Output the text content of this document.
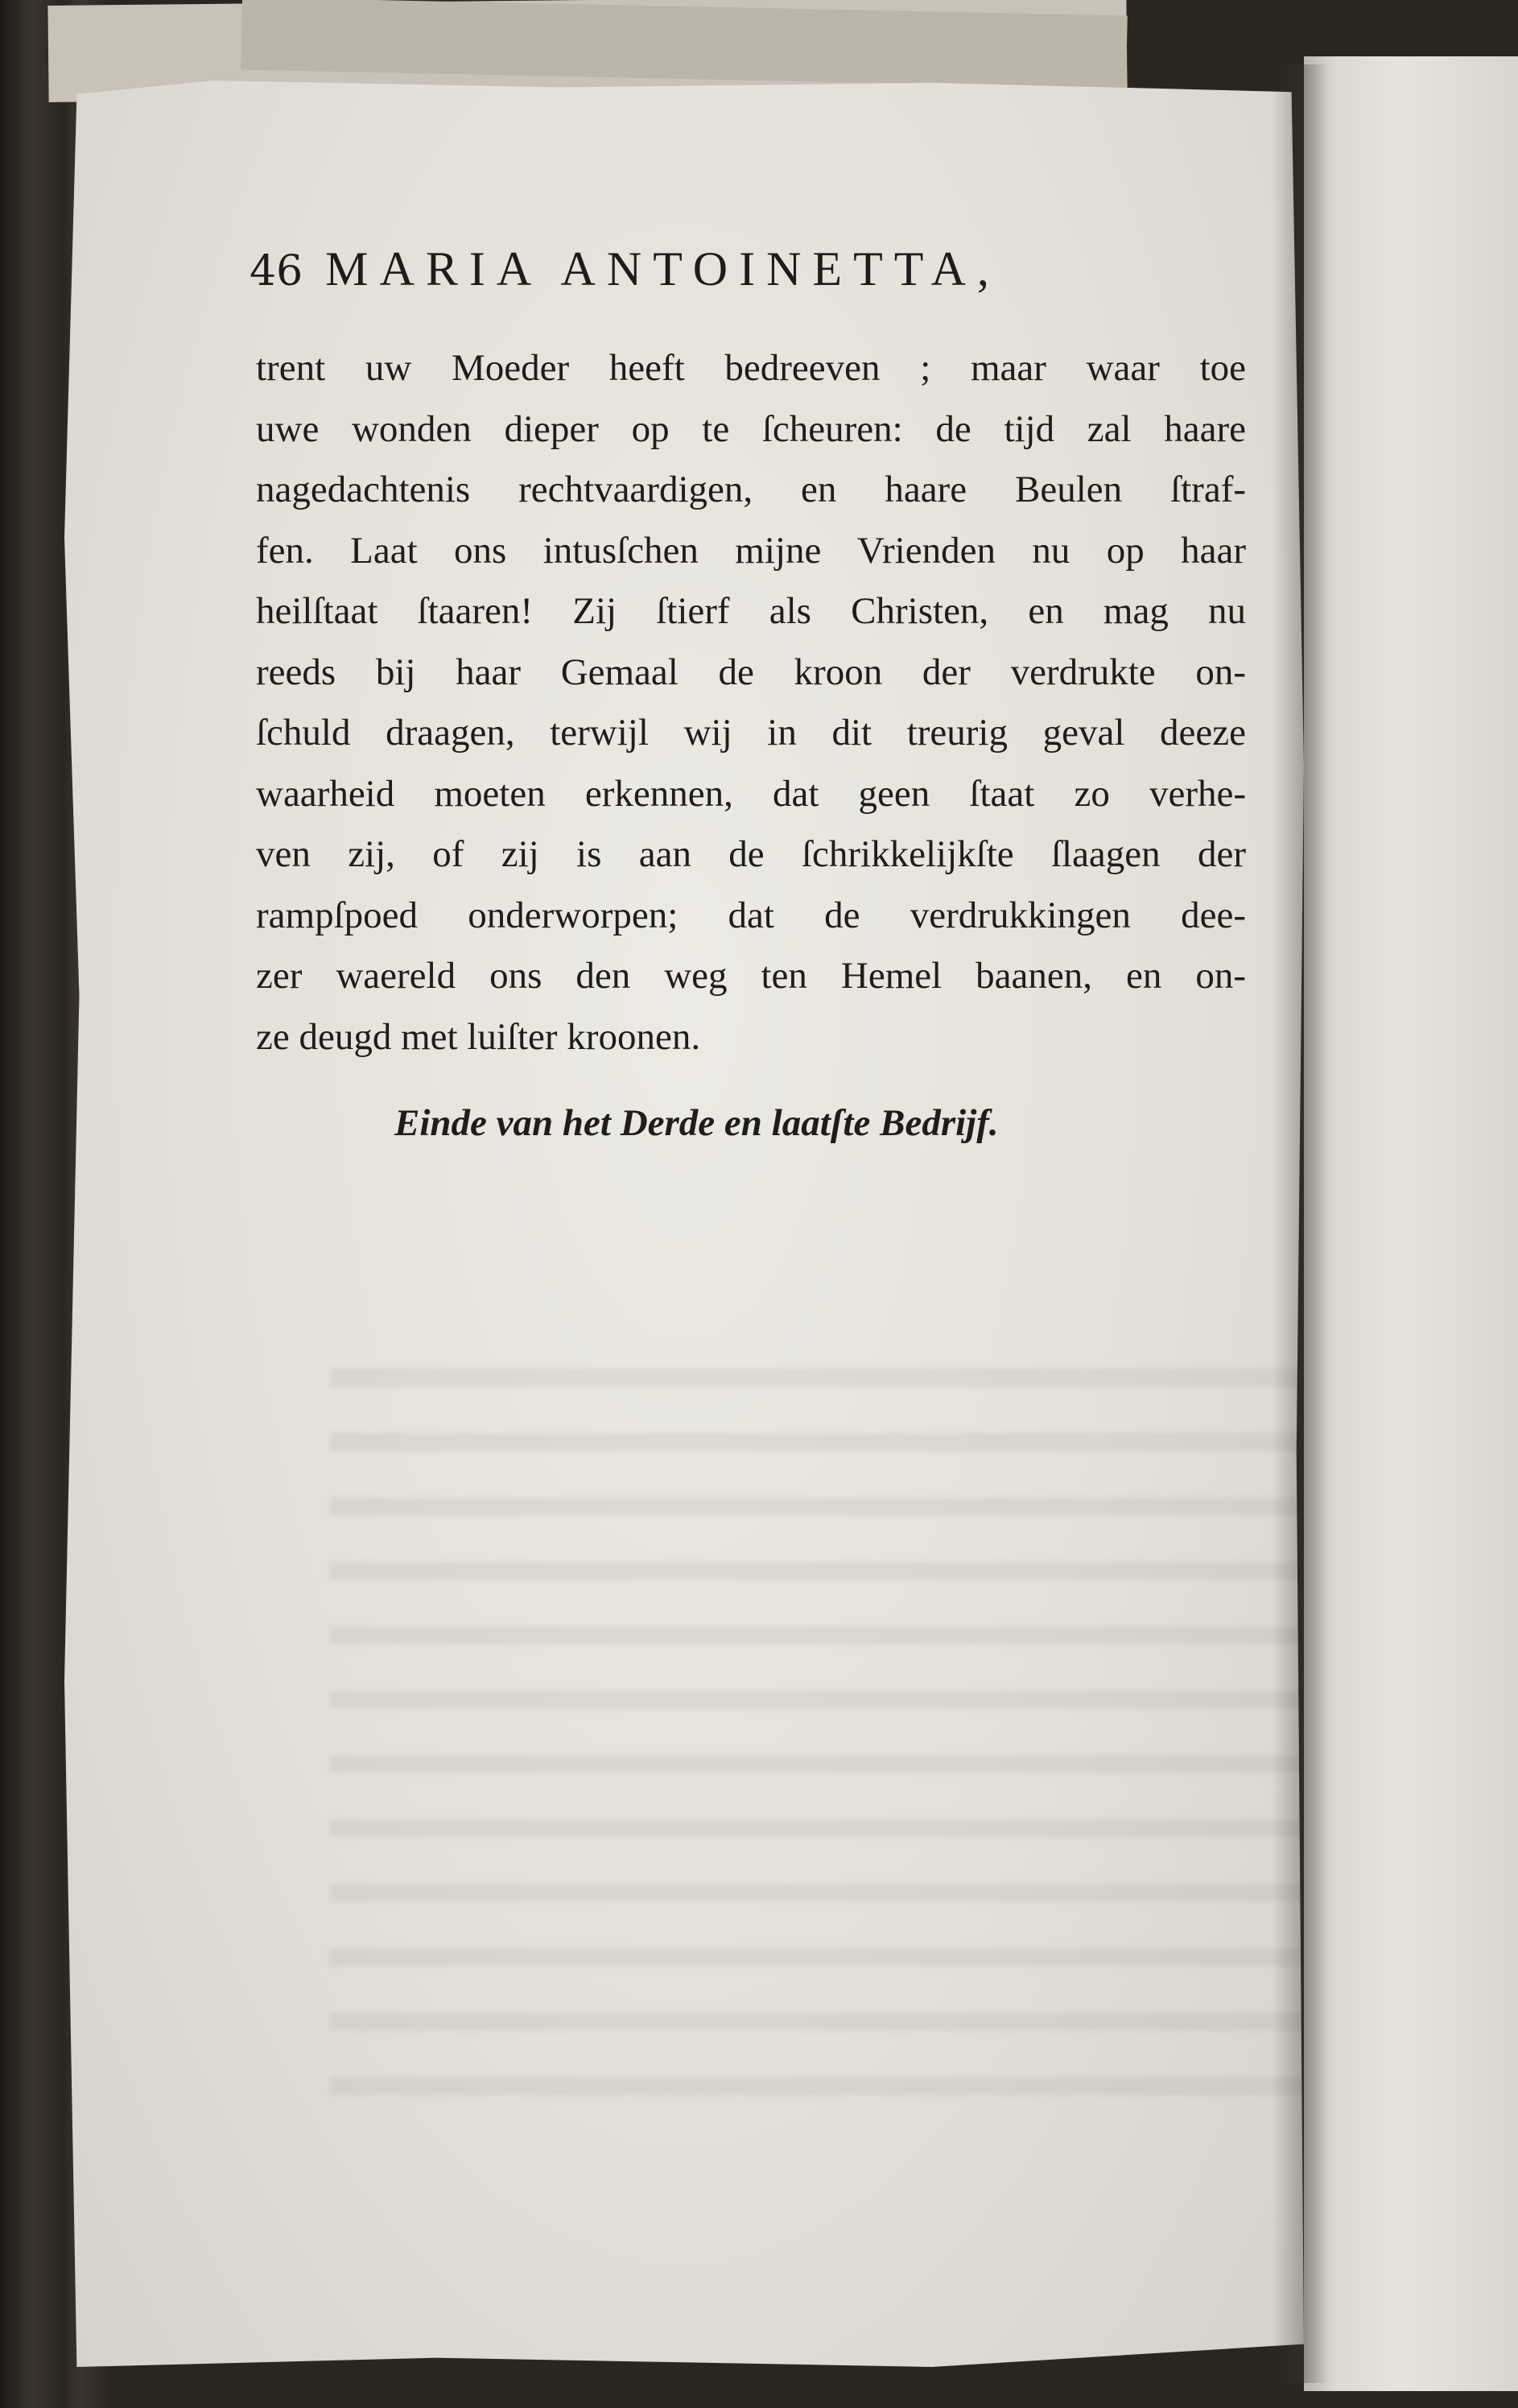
46 MARIA ANTOINETTA,
trent uw Moeder heeft bedreeven ; maar waar toe
uwe wonden dieper op te ſcheuren: de tijd zal haare
nagedachtenis rechtvaardigen, en haare Beulen ſtraf-
fen. Laat ons intusſchen mijne Vrienden nu op haar
heilſtaat ſtaaren! Zij ſtierf als Christen, en mag nu
reeds bij haar Gemaal de kroon der verdrukte on-
ſchuld draagen, terwijl wij in dit treurig geval deeze
waarheid moeten erkennen, dat geen ſtaat zo verhe-
ven zij, of zij is aan de ſchrikkelijkſte ſlaagen der
rampſpoed onderworpen; dat de verdrukkingen dee-
zer waereld ons den weg ten Hemel baanen, en on-
ze deugd met luiſter kroonen.
Einde van het Derde en laatſte Bedrijf.
